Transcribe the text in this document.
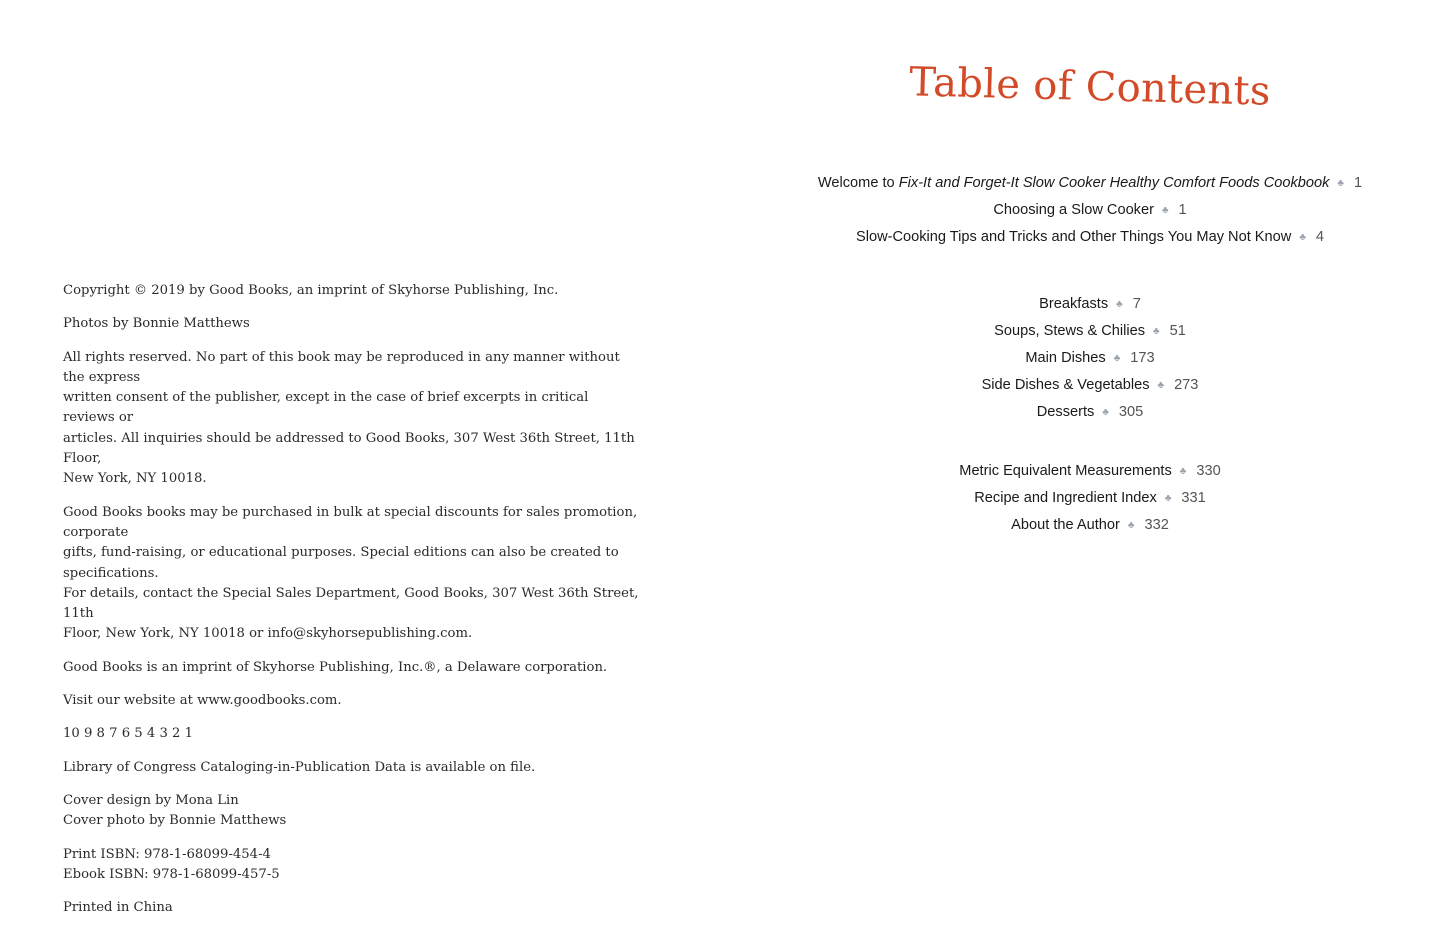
Copyright © 2019 by Good Books, an imprint of Skyhorse Publishing, Inc.

Photos by Bonnie Matthews

All rights reserved. No part of this book may be reproduced in any manner without the express
written consent of the publisher, except in the case of brief excerpts in critical reviews or
articles. All inquiries should be addressed to Good Books, 307 West 36th Street, 11th Floor,
New York, NY 10018.

Good Books books may be purchased in bulk at special discounts for sales promotion, corporate
gifts, fund-raising, or educational purposes. Special editions can also be created to specifications.
For details, contact the Special Sales Department, Good Books, 307 West 36th Street, 11th
Floor, New York, NY 10018 or info@skyhorsepublishing.com.

Good Books is an imprint of Skyhorse Publishing, Inc.®, a Delaware corporation.

Visit our website at www.goodbooks.com.

10 9 8 7 6 5 4 3 2 1

Library of Congress Cataloging-in-Publication Data is available on file.

Cover design by Mona Lin
Cover photo by Bonnie Matthews

Print ISBN: 978-1-68099-454-4
Ebook ISBN: 978-1-68099-457-5

Printed in China

Table of Contents
Welcome to Fix-It and Forget-It Slow Cooker Healthy Comfort Foods Cookbook ♣ 1
Choosing a Slow Cooker ♣ 1
Slow-Cooking Tips and Tricks and Other Things You May Not Know ♣ 4
Breakfasts ♣ 7
Soups, Stews & Chilies ♣ 51
Main Dishes ♣ 173
Side Dishes & Vegetables ♣ 273
Desserts ♣ 305
Metric Equivalent Measurements ♣ 330
Recipe and Ingredient Index ♣ 331
About the Author ♣ 332
